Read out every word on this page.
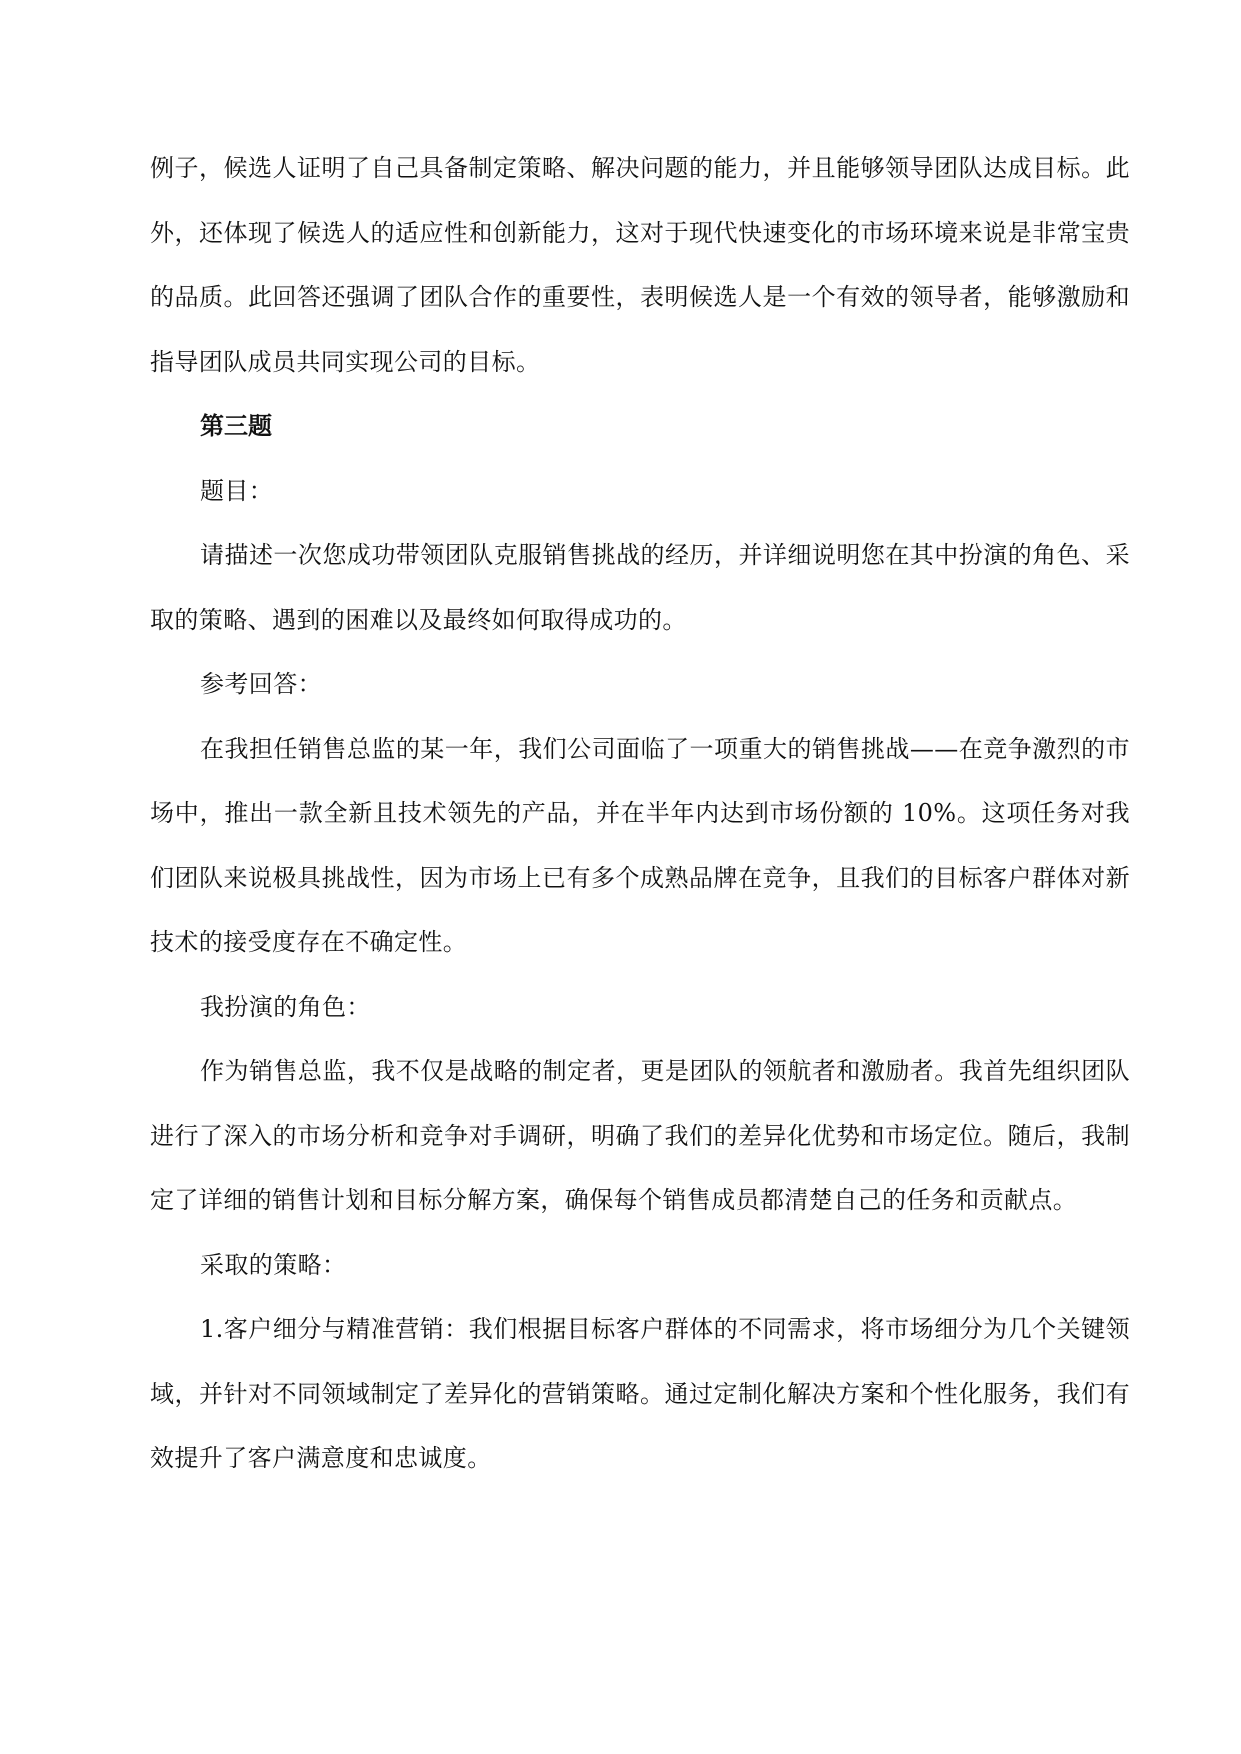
例子，候选人证明了自己具备制定策略、解决问题的能力，并且能够领导团队达成目标。此外，还体现了候选人的适应性和创新能力，这对于现代快速变化的市场环境来说是非常宝贵的品质。此回答还强调了团队合作的重要性，表明候选人是一个有效的领导者，能够激励和指导团队成员共同实现公司的目标。

第三题

题目：

请描述一次您成功带领团队克服销售挑战的经历，并详细说明您在其中扮演的角色、采取的策略、遇到的困难以及最终如何取得成功的。

参考回答：

在我担任销售总监的某一年，我们公司面临了一项重大的销售挑战——在竞争激烈的市场中，推出一款全新且技术领先的产品，并在半年内达到市场份额的 10%。这项任务对我们团队来说极具挑战性，因为市场上已有多个成熟品牌在竞争，且我们的目标客户群体对新技术的接受度存在不确定性。

我扮演的角色：

作为销售总监，我不仅是战略的制定者，更是团队的领航者和激励者。我首先组织团队进行了深入的市场分析和竞争对手调研，明确了我们的差异化优势和市场定位。随后，我制定了详细的销售计划和目标分解方案，确保每个销售成员都清楚自己的任务和贡献点。

采取的策略：

1.客户细分与精准营销：我们根据目标客户群体的不同需求，将市场细分为几个关键领域，并针对不同领域制定了差异化的营销策略。通过定制化解决方案和个性化服务，我们有效提升了客户满意度和忠诚度。
